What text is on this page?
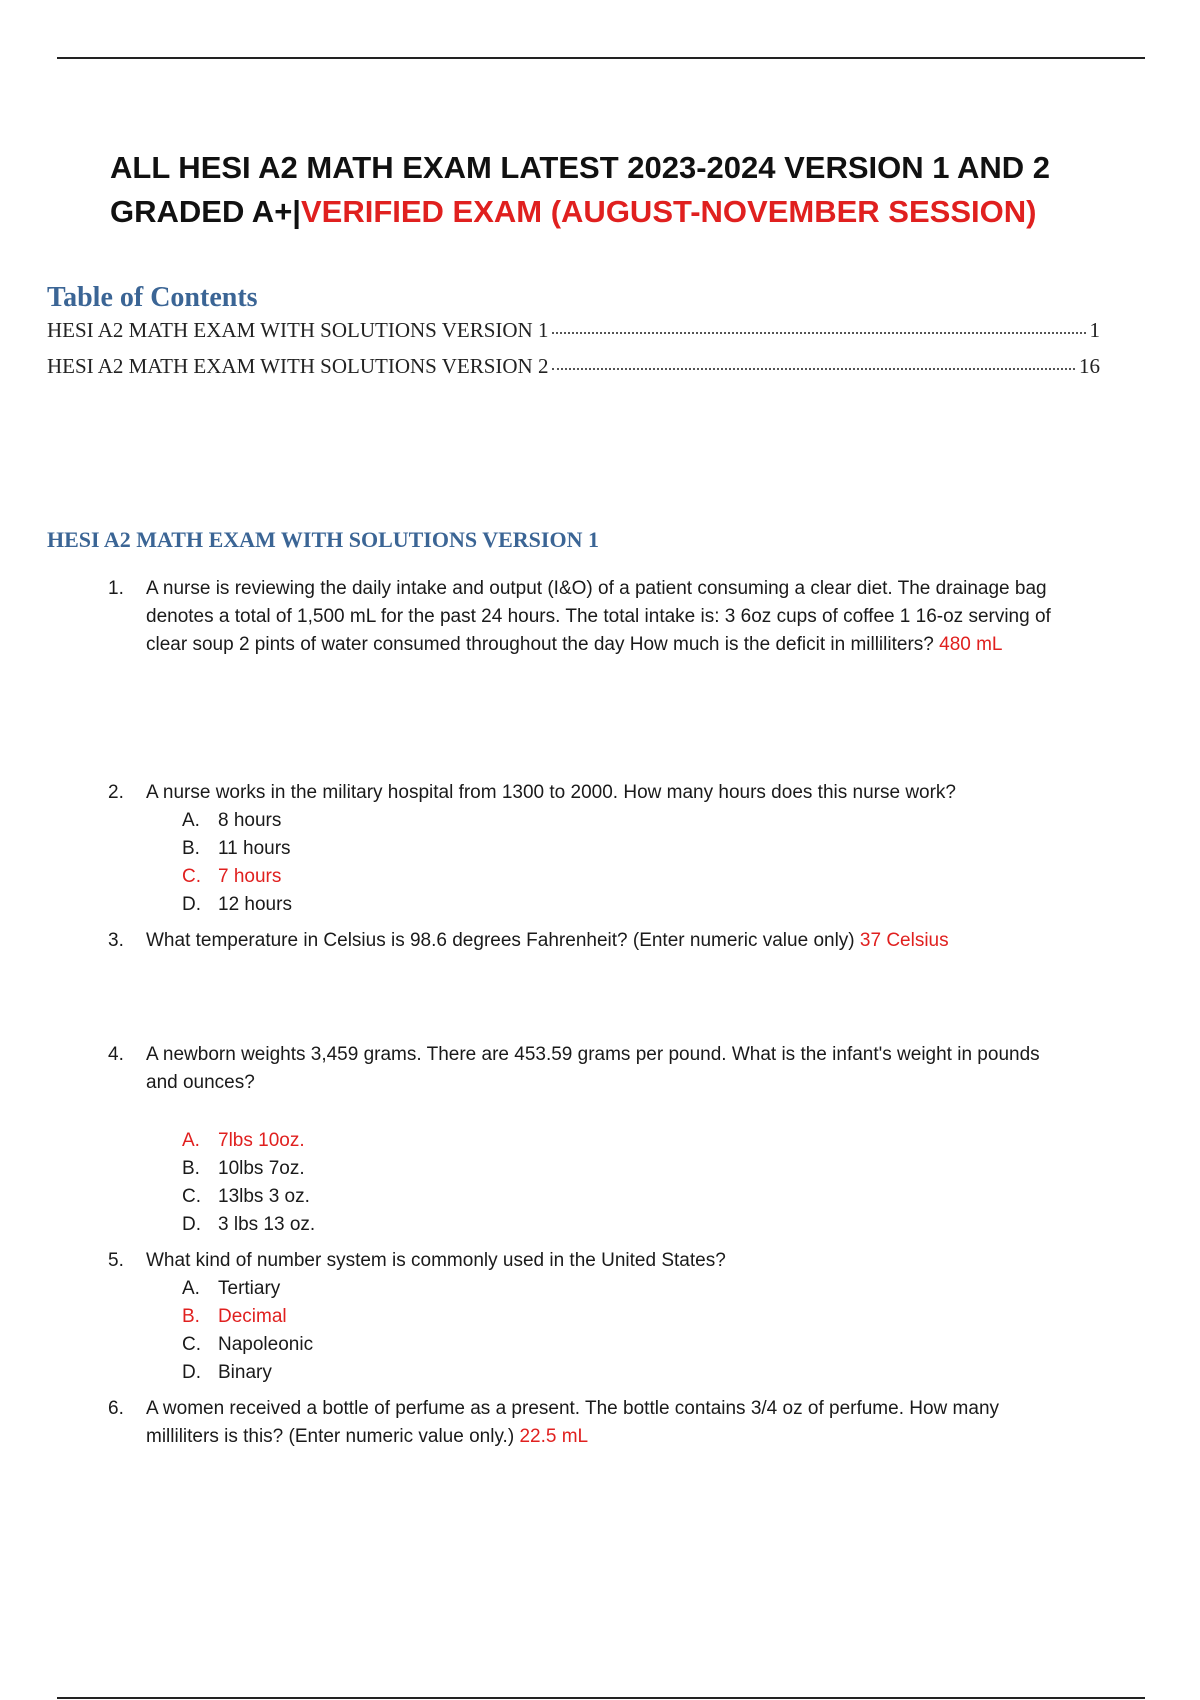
ALL HESI A2 MATH EXAM LATEST 2023-2024 VERSION 1 AND 2
GRADED A+|VERIFIED EXAM (AUGUST-NOVEMBER SESSION)
Table of Contents
HESI A2 MATH EXAM WITH SOLUTIONS VERSION 1	1
HESI A2 MATH EXAM WITH SOLUTIONS VERSION 2	16
HESI A2 MATH EXAM WITH SOLUTIONS VERSION 1
1. A nurse is reviewing the daily intake and output (I&O) of a patient consuming a clear diet. The drainage bag denotes a total of 1,500 mL for the past 24 hours. The total intake is: 3 6oz cups of coffee 1 16-oz serving of clear soup 2 pints of water consumed throughout the day How much is the deficit in milliliters? 480 mL
2. A nurse works in the military hospital from 1300 to 2000. How many hours does this nurse work?
A. 8 hours
B. 11 hours
C. 7 hours
D. 12 hours
3. What temperature in Celsius is 98.6 degrees Fahrenheit? (Enter numeric value only) 37 Celsius
4. A newborn weights 3,459 grams. There are 453.59 grams per pound. What is the infant's weight in pounds and ounces?
A. 7lbs 10oz.
B. 10lbs 7oz.
C. 13lbs 3 oz.
D. 3 lbs 13 oz.
5. What kind of number system is commonly used in the United States?
A. Tertiary
B. Decimal
C. Napoleonic
D. Binary
6. A women received a bottle of perfume as a present. The bottle contains 3/4 oz of perfume. How many milliliters is this? (Enter numeric value only.) 22.5 mL
